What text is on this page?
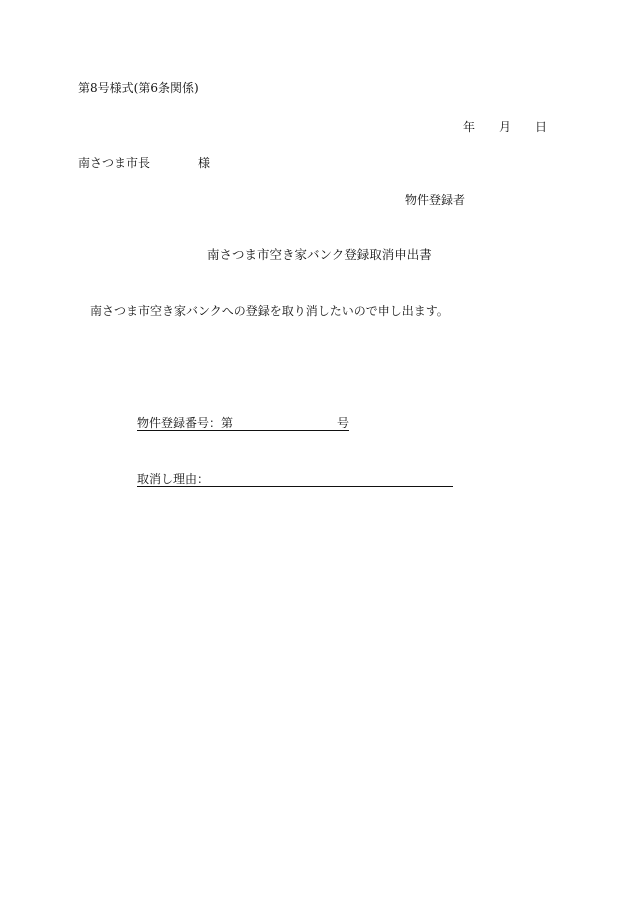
第8号様式(第6条関係)
年 月 日
南さつま市長	様
物件登録者
南さつま市空き家バンク登録取消申出書
南さつま市空き家バンクへの登録を取り消したいので申し出ます。
物件登録番号：第	号
取消し理由：
